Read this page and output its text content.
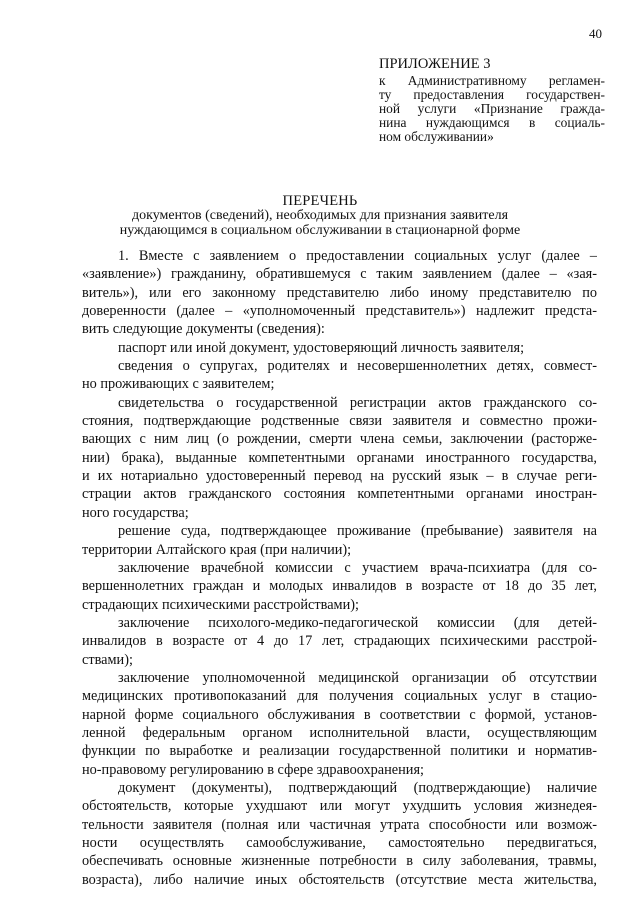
40
ПРИЛОЖЕНИЕ 3
к Административному регламен-
ту предоставления государствен-
ной услуги «Признание гражда-
нина нуждающимся в социаль-
ном обслуживании»
ПЕРЕЧЕНЬ
документов (сведений), необходимых для признания заявителя
нуждающимся в социальном обслуживании в стационарной форме
1. Вместе с заявлением о предоставлении социальных услуг (далее –
«заявление») гражданину, обратившемуся с таким заявлением (далее – «зая-
витель»), или его законному представителю либо иному представителю по
доверенности (далее – «уполномоченный представитель») надлежит предста-
вить следующие документы (сведения):
паспорт или иной документ, удостоверяющий личность заявителя;
сведения о супругах, родителях и несовершеннолетних детях, совмест-
но проживающих с заявителем;
свидетельства о государственной регистрации актов гражданского со-
стояния, подтверждающие родственные связи заявителя и совместно прожи-
вающих с ним лиц (о рождении, смерти члена семьи, заключении (расторже-
нии) брака), выданные компетентными органами иностранного государства,
и их нотариально удостоверенный перевод на русский язык – в случае реги-
страции актов гражданского состояния компетентными органами иностран-
ного государства;
решение суда, подтверждающее проживание (пребывание) заявителя на
территории Алтайского края (при наличии);
заключение врачебной комиссии с участием врача-психиатра (для со-
вершеннолетних граждан и молодых инвалидов в возрасте от 18 до 35 лет,
страдающих психическими расстройствами);
заключение психолого-медико-педагогической комиссии (для детей-
инвалидов в возрасте от 4 до 17 лет, страдающих психическими расстрой-
ствами);
заключение уполномоченной медицинской организации об отсутствии
медицинских противопоказаний для получения социальных услуг в стацио-
нарной форме социального обслуживания в соответствии с формой, установ-
ленной федеральным органом исполнительной власти, осуществляющим
функции по выработке и реализации государственной политики и норматив-
но-правовому регулированию в сфере здравоохранения;
документ (документы), подтверждающий (подтверждающие) наличие
обстоятельств, которые ухудшают или могут ухудшить условия жизнедея-
тельности заявителя (полная или частичная утрата способности или возмож-
ности осуществлять самообслуживание, самостоятельно передвигаться,
обеспечивать основные жизненные потребности в силу заболевания, травмы,
возраста), либо наличие иных обстоятельств (отсутствие места жительства,
